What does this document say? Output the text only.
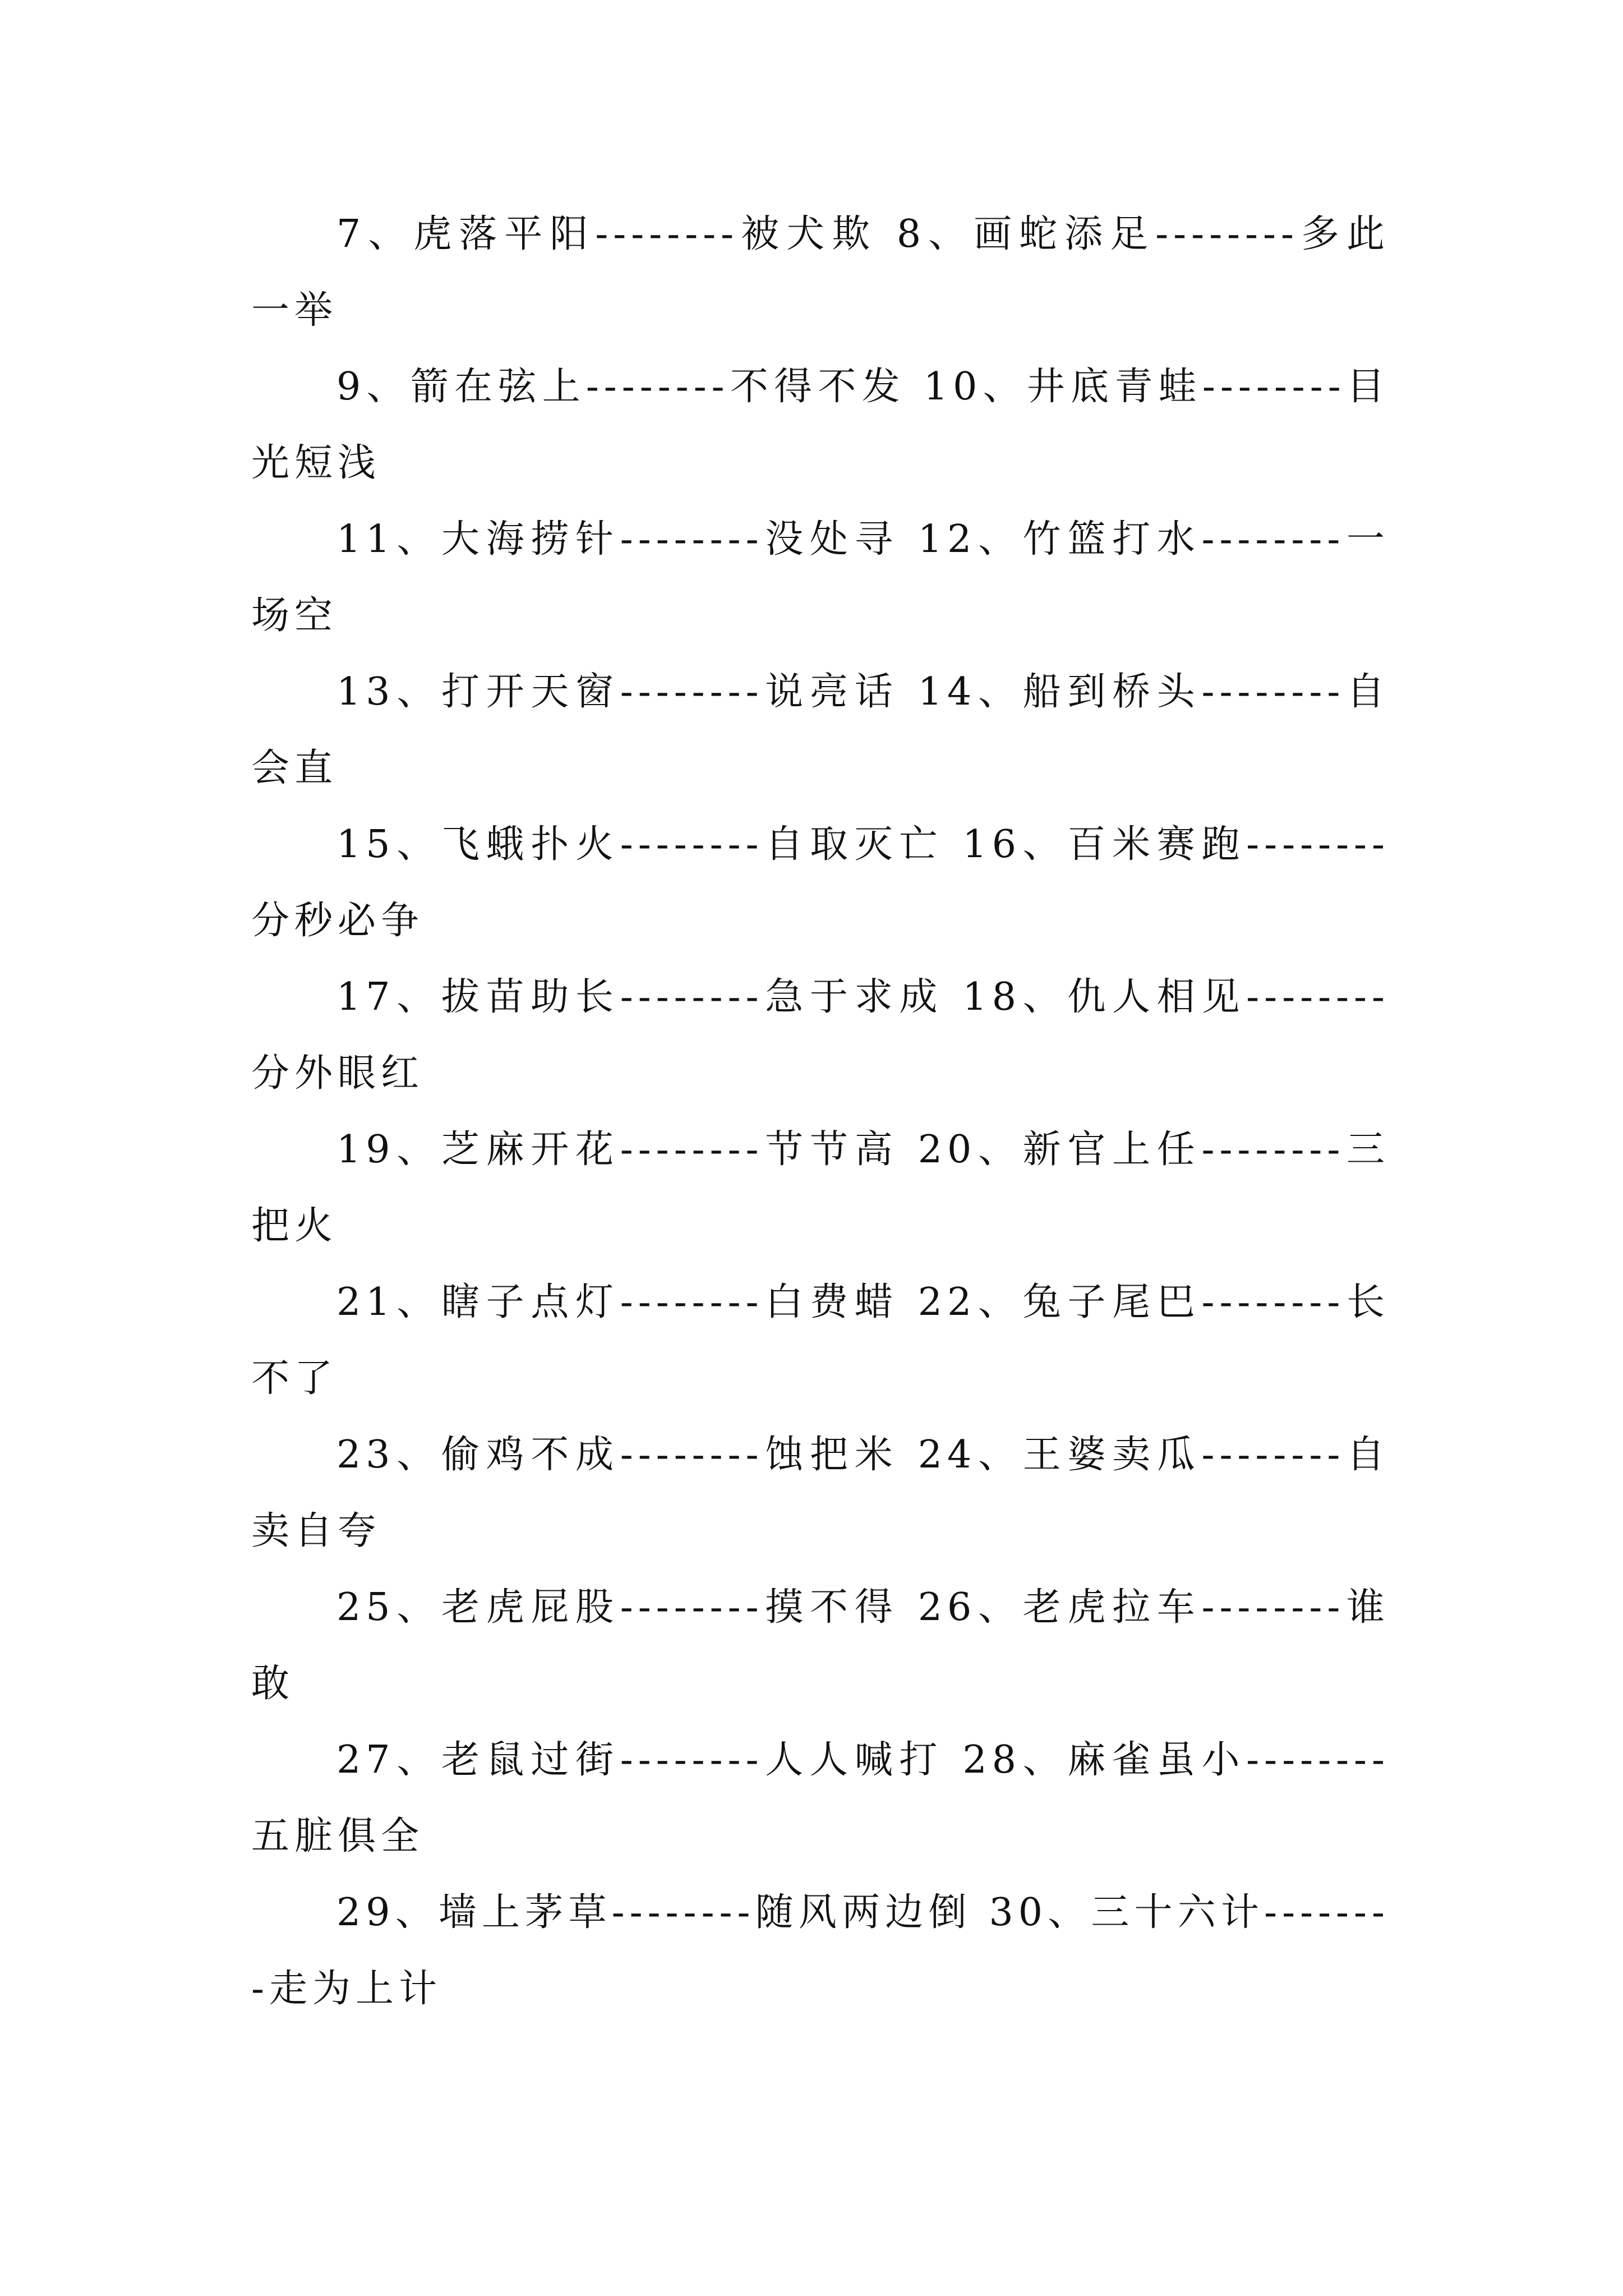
7、虎落平阳--------被犬欺 8、画蛇添足--------多此一举

9、箭在弦上--------不得不发 10、井底青蛙--------目光短浅

11、大海捞针--------没处寻 12、竹篮打水--------一场空

13、打开天窗--------说亮话 14、船到桥头--------自会直

15、飞蛾扑火--------自取灭亡 16、百米赛跑--------分秒必争

17、拔苗助长--------急于求成 18、仇人相见--------分外眼红

19、芝麻开花--------节节高 20、新官上任--------三把火

21、瞎子点灯--------白费蜡 22、兔子尾巴--------长不了

23、偷鸡不成--------蚀把米 24、王婆卖瓜--------自卖自夸

25、老虎屁股--------摸不得 26、老虎拉车--------谁敢

27、老鼠过街--------人人喊打 28、麻雀虽小--------五脏俱全

29、墙上茅草--------随风两边倒 30、三十六计--------走为上计
